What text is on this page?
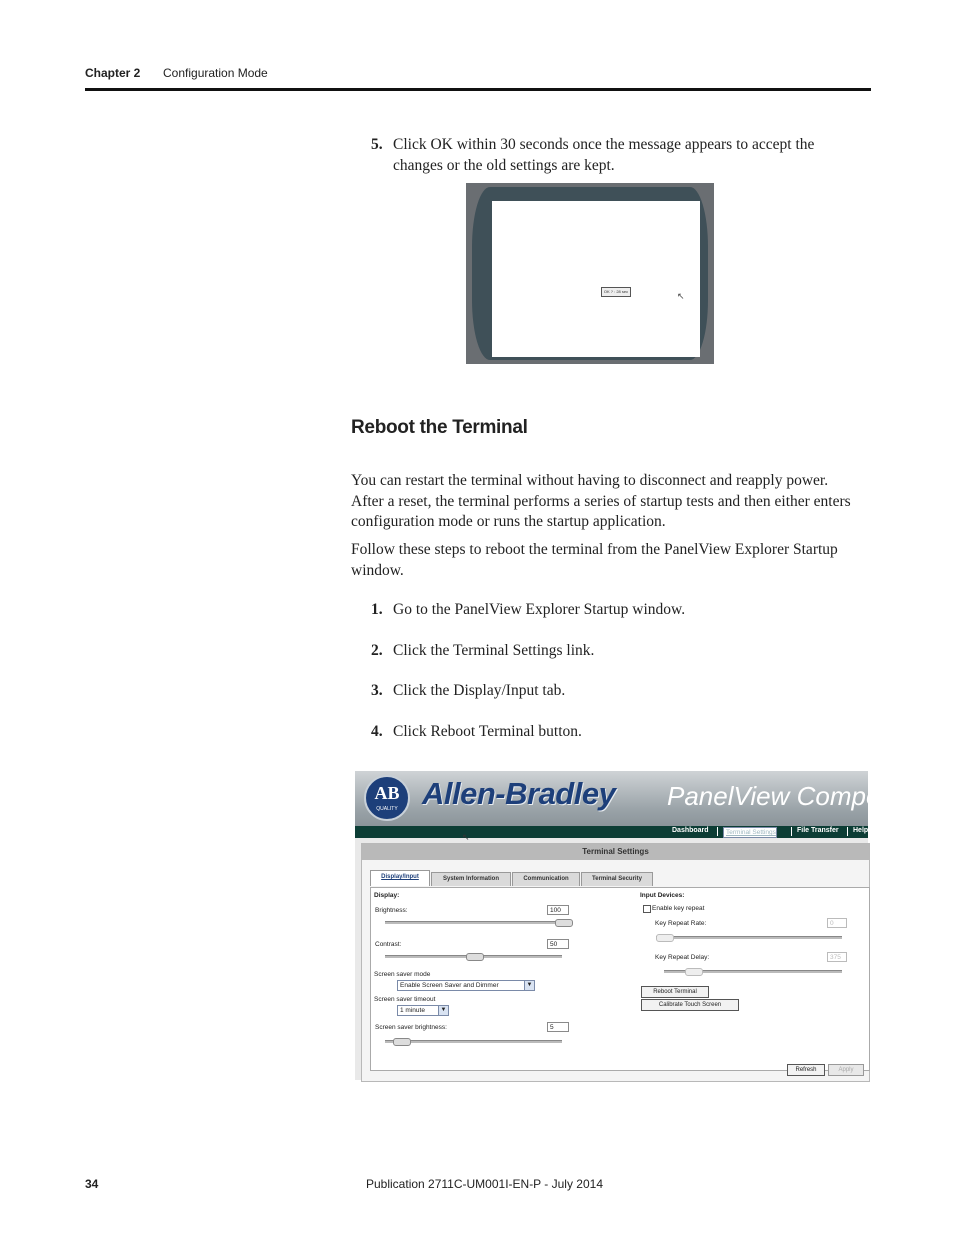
Chapter 2 Configuration Mode
5. Click OK within 30 seconds once the message appears to accept the
changes or the old settings are kept.
OK ? : 28 sec	↖
Reboot the Terminal

You can restart the terminal without having to disconnect and reapply power.

After a reset, the terminal performs a series of startup tests and then either enters

configuration mode or runs the startup application.

Follow these steps to reboot the terminal from the PanelView Explorer Startup

window.

1. Go to the PanelView Explorer Startup window.
2. Click the Terminal Settings link.
3. Click the Display/Input tab.
4. Click Reboot Terminal button.
AB
QUALITY Allen-Bradley PanelView Compon
Dashboard	Terminal Settings	File Transfer Help
↖
Terminal Settings
Display/Input	System Information	Communication	Terminal Security
Display:
Brightness:	100
Contrast:	50
Screen saver mode
Enable Screen Saver and Dimmer	▼
Screen saver timeout
1 minute	▼
Screen saver brightness:	5
Input Devices:
Enable key repeat
Key Repeat Rate:	0
Key Repeat Delay:	375
Reboot Terminal
Calibrate Touch Screen
Refresh	Apply
34	Publication 2711C-UM001I-EN-P - July 2014
